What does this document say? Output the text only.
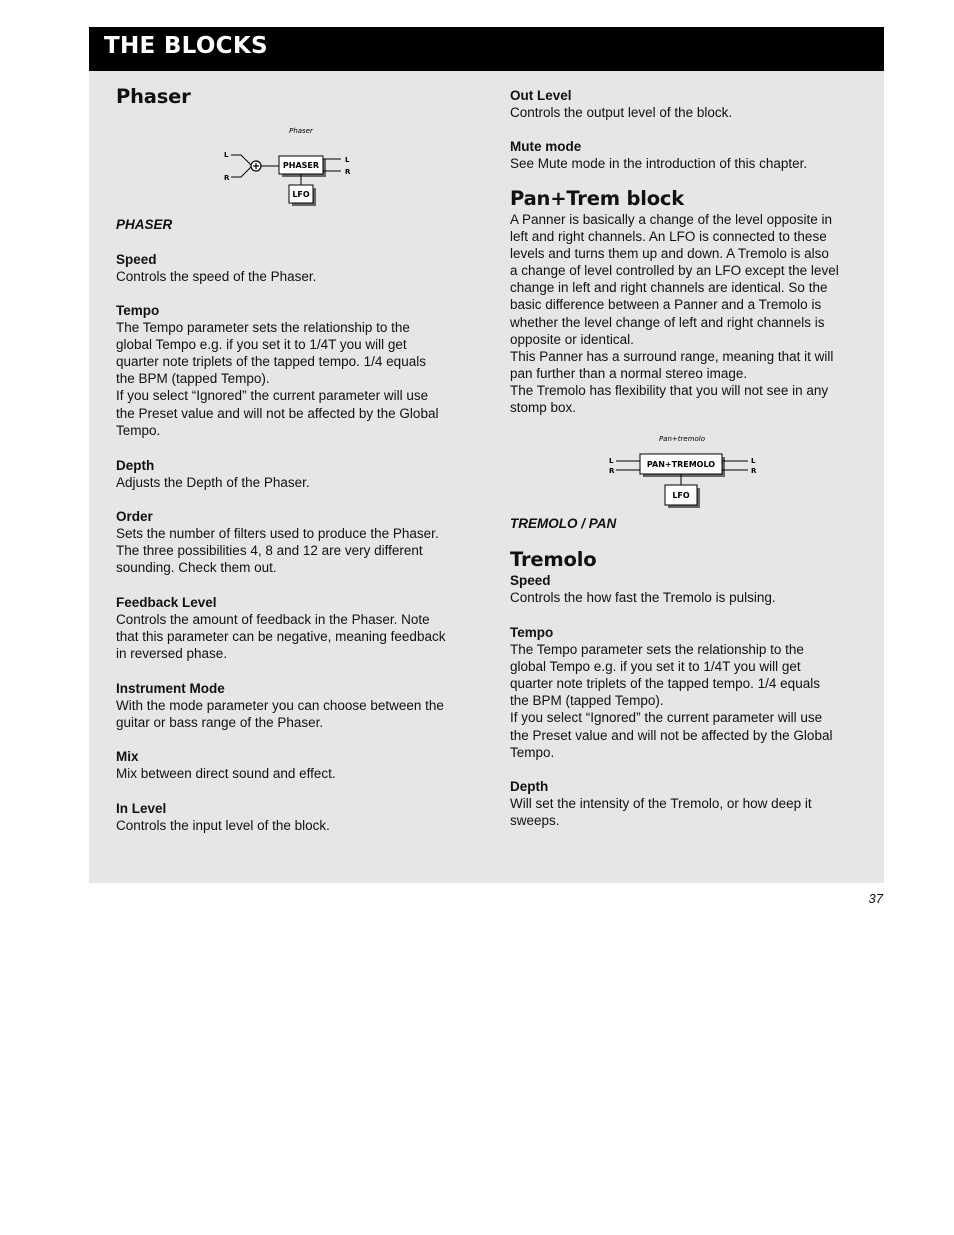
THE BLOCKS
Phaser
Phaser
L
R
PHASER
L
R
LFO
PHASER
Speed
Controls the speed of the Phaser.
Tempo
The Tempo parameter sets the relationship to the
global Tempo e.g. if you set it to 1/4T you will get
quarter note triplets of the tapped tempo. 1/4 equals
the BPM (tapped Tempo).
If you select “Ignored” the current parameter will use
the Preset value and will not be affected by the Global
Tempo.
Depth
Adjusts the Depth of the Phaser.
Order
Sets the number of filters used to produce the Phaser.
The three possibilities 4, 8 and 12 are very different
sounding. Check them out.
Feedback Level
Controls the amount of feedback in the Phaser. Note
that this parameter can be negative, meaning feedback
in reversed phase.
Instrument Mode
With the mode parameter you can choose between the
guitar or bass range of the Phaser.
Mix
Mix between direct sound and effect.
In Level
Controls the input level of the block.
Out Level
Controls the output level of the block.
Mute mode
See Mute mode in the introduction of this chapter.
Pan+Trem block
A Panner is basically a change of the level opposite in
left and right channels. An LFO is connected to these
levels and turns them up and down. A Tremolo is also
a change of level controlled by an LFO except the level
change in left and right channels are identical. So the
basic difference between a Panner and a Tremolo is
whether the level change of left and right channels is
opposite or identical.
This Panner has a surround range, meaning that it will
pan further than a normal stereo image.
The Tremolo has flexibility that you will not see in any
stomp box.
Pan+tremolo
L
R
PAN+TREMOLO	L
R
LFO
TREMOLO / PAN
Tremolo
Speed
Controls the how fast the Tremolo is pulsing.
Tempo
The Tempo parameter sets the relationship to the
global Tempo e.g. if you set it to 1/4T you will get
quarter note triplets of the tapped tempo. 1/4 equals
the BPM (tapped Tempo).
If you select “Ignored” the current parameter will use
the Preset value and will not be affected by the Global
Tempo.
Depth
Will set the intensity of the Tremolo, or how deep it
sweeps.
37
